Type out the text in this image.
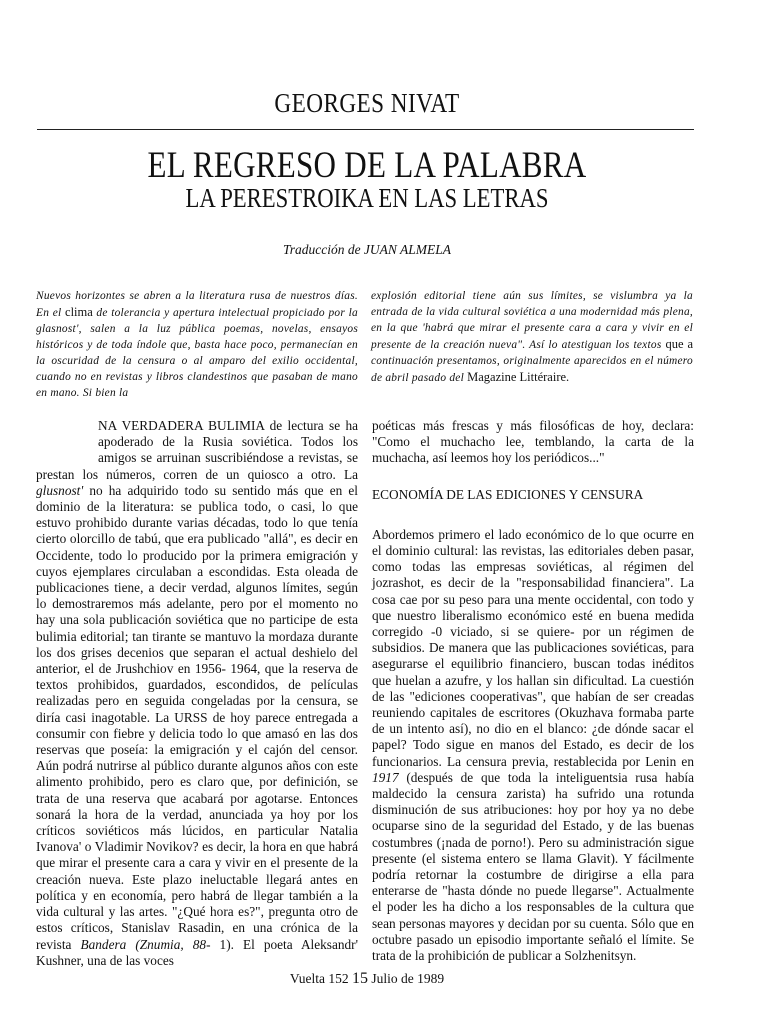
GEORGES NIVAT
EL REGRESO DE LA PALABRA
LA PERESTROIKA EN LAS LETRAS
Traducción de JUAN ALMELA
Nuevos horizontes se abren a la literatura rusa de nuestros días. En el clima de tolerancia y apertura intelectual propiciado por la glasnost', salen a la luz pública poemas, novelas, ensayos históricos y de toda índole que, basta hace poco, permanecían en la oscuridad de la censura o al amparo del exilio occidental, cuando no en revistas y libros clandestinos que pasaban de mano en mano. Si bien la
explosión editorial tiene aún sus límites, se vislumbra ya la entrada de la vida cultural soviética a una modernidad más plena, en la que 'habrá que mirar el presente cara a cara y vivir en el presente de la creación nueva". Así lo atestiguan los textos que a continuación presentamos, originalmente aparecidos en el número de abril pasado del Magazine Littéraire.

NA VERDADERA BULIMIA de lectura se ha apoderado de la Rusia soviética. Todos los amigos se arruinan suscribiéndose a revistas, se prestan los números, corren de un quiosco a otro. La glusnost' no ha adquirido todo su sentido más que en el dominio de la literatura: se publica todo, o casi, lo que estuvo prohibido durante varias décadas, todo lo que tenía cierto olorcillo de tabú, que era publicado "allá", es decir en Occidente, todo lo producido por la primera emigración y cuyos ejemplares circulaban a escondidas. Esta oleada de publicaciones tiene, a decir verdad, algunos límites, según lo demostraremos más adelante, pero por el momento no hay una sola publicación soviética que no participe de esta bulimia editorial; tan tirante se mantuvo la mordaza durante los dos grises decenios que separan el actual deshielo del anterior, el de Jrushchiov en 1956- 1964, que la reserva de textos prohibidos, guardados, escondidos, de películas realizadas pero en seguida congeladas por la censura, se diría casi inagotable. La URSS de hoy parece entregada a consumir con fiebre y delicia todo lo que amasó en las dos reservas que poseía: la emigración y el cajón del censor. Aún podrá nutrirse al público durante algunos años con este alimento prohibido, pero es claro que, por definición, se trata de una reserva que acabará por agotarse. Entonces sonará la hora de la verdad, anunciada ya hoy por los críticos soviéticos más lúcidos, en particular Natalia Ivanova' o Vladimir Novikov? es decir, la hora en que habrá que mirar el presente cara a cara y vivir en el presente de la creación nueva. Este plazo ineluctable llegará antes en política y en economía, pero habrá de llegar también a la vida cultural y las artes. "¿Qué hora es?", pregunta otro de estos críticos, Stanislav Rasadin, en una crónica de la revista Bandera (Znumia, 88- 1). El poeta Aleksandr' Kushner, una de las voces

poéticas más frescas y más filosóficas de hoy, declara: "Como el muchacho lee, temblando, la carta de la muchacha, así leemos hoy los periódicos..."

ECONOMÍA DE LAS EDICIONES Y CENSURA

Abordemos primero el lado económico de lo que ocurre en el dominio cultural: las revistas, las editoriales deben pasar, como todas las empresas soviéticas, al régimen del jozrashot, es decir de la "responsabilidad financiera". La cosa cae por su peso para una mente occidental, con todo y que nuestro liberalismo económico esté en buena medida corregido -0 viciado, si se quiere- por un régimen de subsidios. De manera que las publicaciones soviéticas, para asegurarse el equilibrio financiero, buscan todas inéditos que huelan a azufre, y los hallan sin dificultad. La cuestión de las "ediciones cooperativas", que habían de ser creadas reuniendo capitales de escritores (Okuzhava formaba parte de un intento así), no dio en el blanco: ¿de dónde sacar el papel? Todo sigue en manos del Estado, es decir de los funcionarios. La censura previa, restablecida por Lenin en 1917 (después de que toda la inteliguentsia rusa había maldecido la censura zarista) ha sufrido una rotunda disminución de sus atribuciones: hoy por hoy ya no debe ocuparse sino de la seguridad del Estado, y de las buenas costumbres (¡nada de porno!). Pero su administración sigue presente (el sistema entero se llama Glavit). Y fácilmente podría retornar la costumbre de dirigirse a ella para enterarse de "hasta dónde no puede llegarse". Actualmente el poder les ha dicho a los responsables de la cultura que sean personas mayores y decidan por su cuenta. Sólo que en octubre pasado un episodio importante señaló el límite. Se trata de la prohibición de publicar a Solzhenitsyn.

Vuelta 152 15 Julio de 1989
